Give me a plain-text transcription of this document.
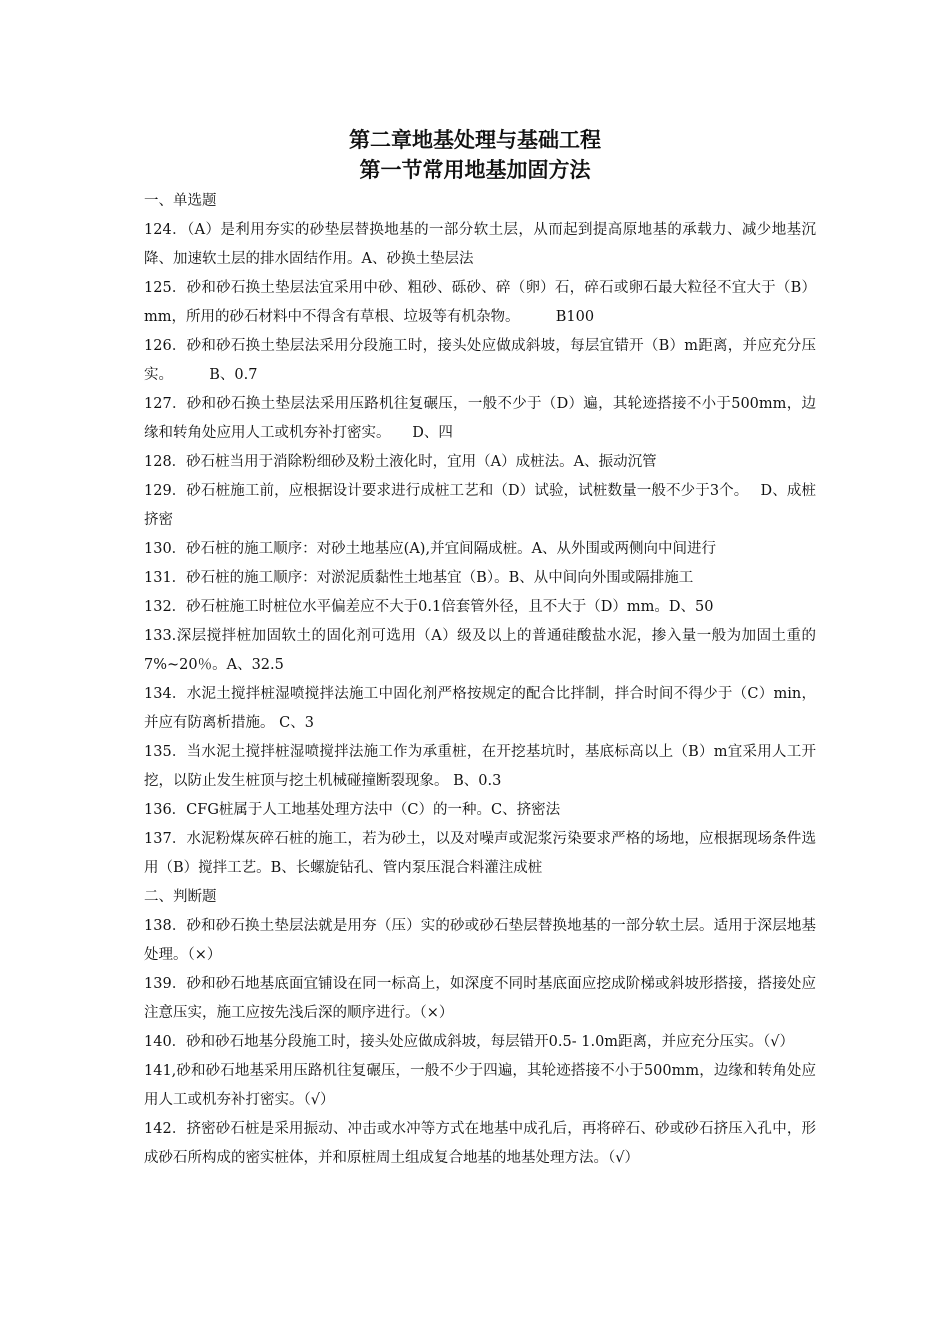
第二章地基处理与基础工程
第一节常用地基加固方法

一、单选题

124．（A）是利用夯实的砂垫层替换地基的一部分软土层，从而起到提高原地基的承载力、减少地基沉降、加速软土层的排水固结作用。A、砂换土垫层法

125．砂和砂石换土垫层法宜采用中砂、粗砂、砾砂、碎（卵）石，碎石或卵石最大粒径不宜大于（B）mm，所用的砂石材料中不得含有草根、垃圾等有机杂物。　　　B100

126．砂和砂石换土垫层法采用分段施工时，接头处应做成斜坡，每层宜错开（B）m距离，并应充分压实。　　　B、0.7

127．砂和砂石换土垫层法采用压路机往复碾压，一般不少于（D）遍，其轮迹搭接不小于500mm，边缘和转角处应用人工或机夯补打密实。　　D、四

128．砂石桩当用于消除粉细砂及粉土液化时，宜用（A）成桩法。A、振动沉管

129．砂石桩施工前，应根据设计要求进行成桩工艺和（D）试验，试桩数量一般不少于3个。　 D、成桩挤密

130．砂石桩的施工顺序：对砂土地基应(A),并宜间隔成桩。A、从外围或两侧向中间进行

131．砂石桩的施工顺序：对淤泥质黏性土地基宜（B）。B、从中间向外围或隔排施工

132．砂石桩施工时桩位水平偏差应不大于0.1倍套管外径，且不大于（D）mm。D、50

133.深层搅拌桩加固软土的固化剂可选用（A）级及以上的普通硅酸盐水泥，掺入量一般为加固土重的7%~20％。A、32.5

134．水泥土搅拌桩湿喷搅拌法施工中固化剂严格按规定的配合比拌制，拌合时间不得少于（C）min，并应有防离析措施。 C、3

135．当水泥土搅拌桩湿喷搅拌法施工作为承重桩，在开挖基坑时，基底标高以上（B）m宜采用人工开挖，以防止发生桩顶与挖土机械碰撞断裂现象。 B、0.3

136．CFG桩属于人工地基处理方法中（C）的一种。C、挤密法

137．水泥粉煤灰碎石桩的施工，若为砂土，以及对噪声或泥浆污染要求严格的场地，应根据现场条件选用（B）搅拌工艺。B、长螺旋钻孔、管内泵压混合料灌注成桩

二、判断题

138．砂和砂石换土垫层法就是用夯（压）实的砂或砂石垫层替换地基的一部分软土层。适用于深层地基处理。（×）

139．砂和砂石地基底面宜铺设在同一标高上，如深度不同时基底面应挖成阶梯或斜坡形搭接，搭接处应注意压实，施工应按先浅后深的顺序进行。（×）

140．砂和砂石地基分段施工时，接头处应做成斜坡，每层错开0.5- 1.0m距离，并应充分压实。（√）

141,砂和砂石地基采用压路机往复碾压，一般不少于四遍，其轮迹搭接不小于500mm，边缘和转角处应用人工或机夯补打密实。（√）

142．挤密砂石桩是采用振动、冲击或水冲等方式在地基中成孔后，再将碎石、砂或砂石挤压入孔中，形成砂石所构成的密实桩体，并和原桩周土组成复合地基的地基处理方法。（√）
